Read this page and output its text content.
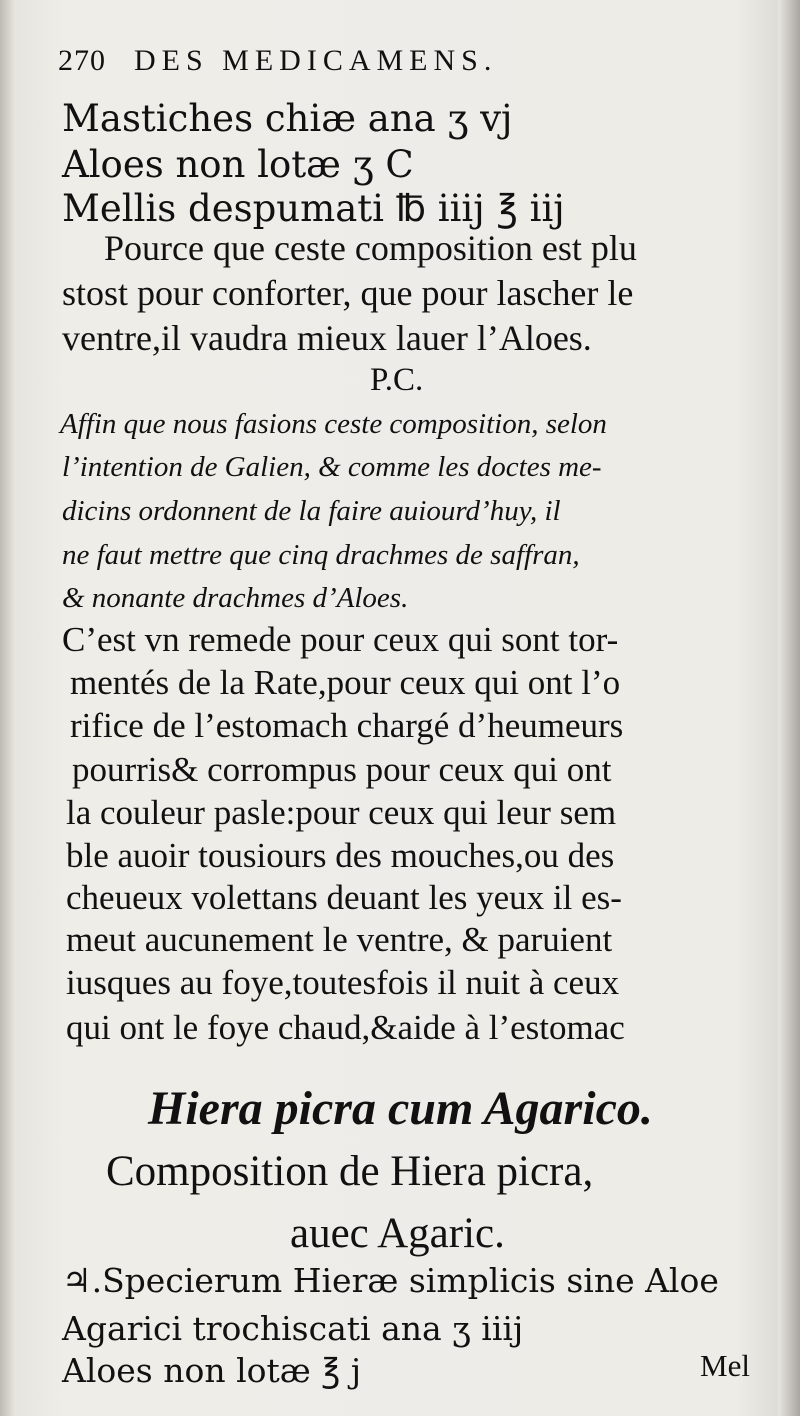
270 DES MEDICAMENS.
Mastiches chiæ ana ʒ vj
Aloes non lotæ ʒ C
Mellis despumati ℔ iiij ℥ iij
Pource que ceste composition est plu
stost pour conforter, que pour lascher le
ventre,il vaudra mieux lauer l’Aloes.
P.C.
Affin que nous fasions ceste composition, selon
l’intention de Galien, & comme les doctes me-
dicins ordonnent de la faire auiourd’huy, il
ne faut mettre que cinq drachmes de saffran,
& nonante drachmes d’Aloes.
C’est vn remede pour ceux qui sont tor-
mentés de la Rate,pour ceux qui ont l’o
rifice de l’estomach chargé d’heumeurs
pourris& corrompus pour ceux qui ont
la couleur pasle:pour ceux qui leur sem
ble auoir tousiours des mouches,ou des
cheueux volettans deuant les yeux il es-
meut aucunement le ventre, & paruient
iusques au foye,toutesfois il nuit à ceux
qui ont le foye chaud,&aide à l’estomac
Hiera picra cum Agarico.
Composition de Hiera picra,
auec Agaric.
♃.Specierum Hieræ simplicis sine Aloe
Agarici trochiscati ana ʒ iiij
Aloes non lotæ ℥ j	Mel
